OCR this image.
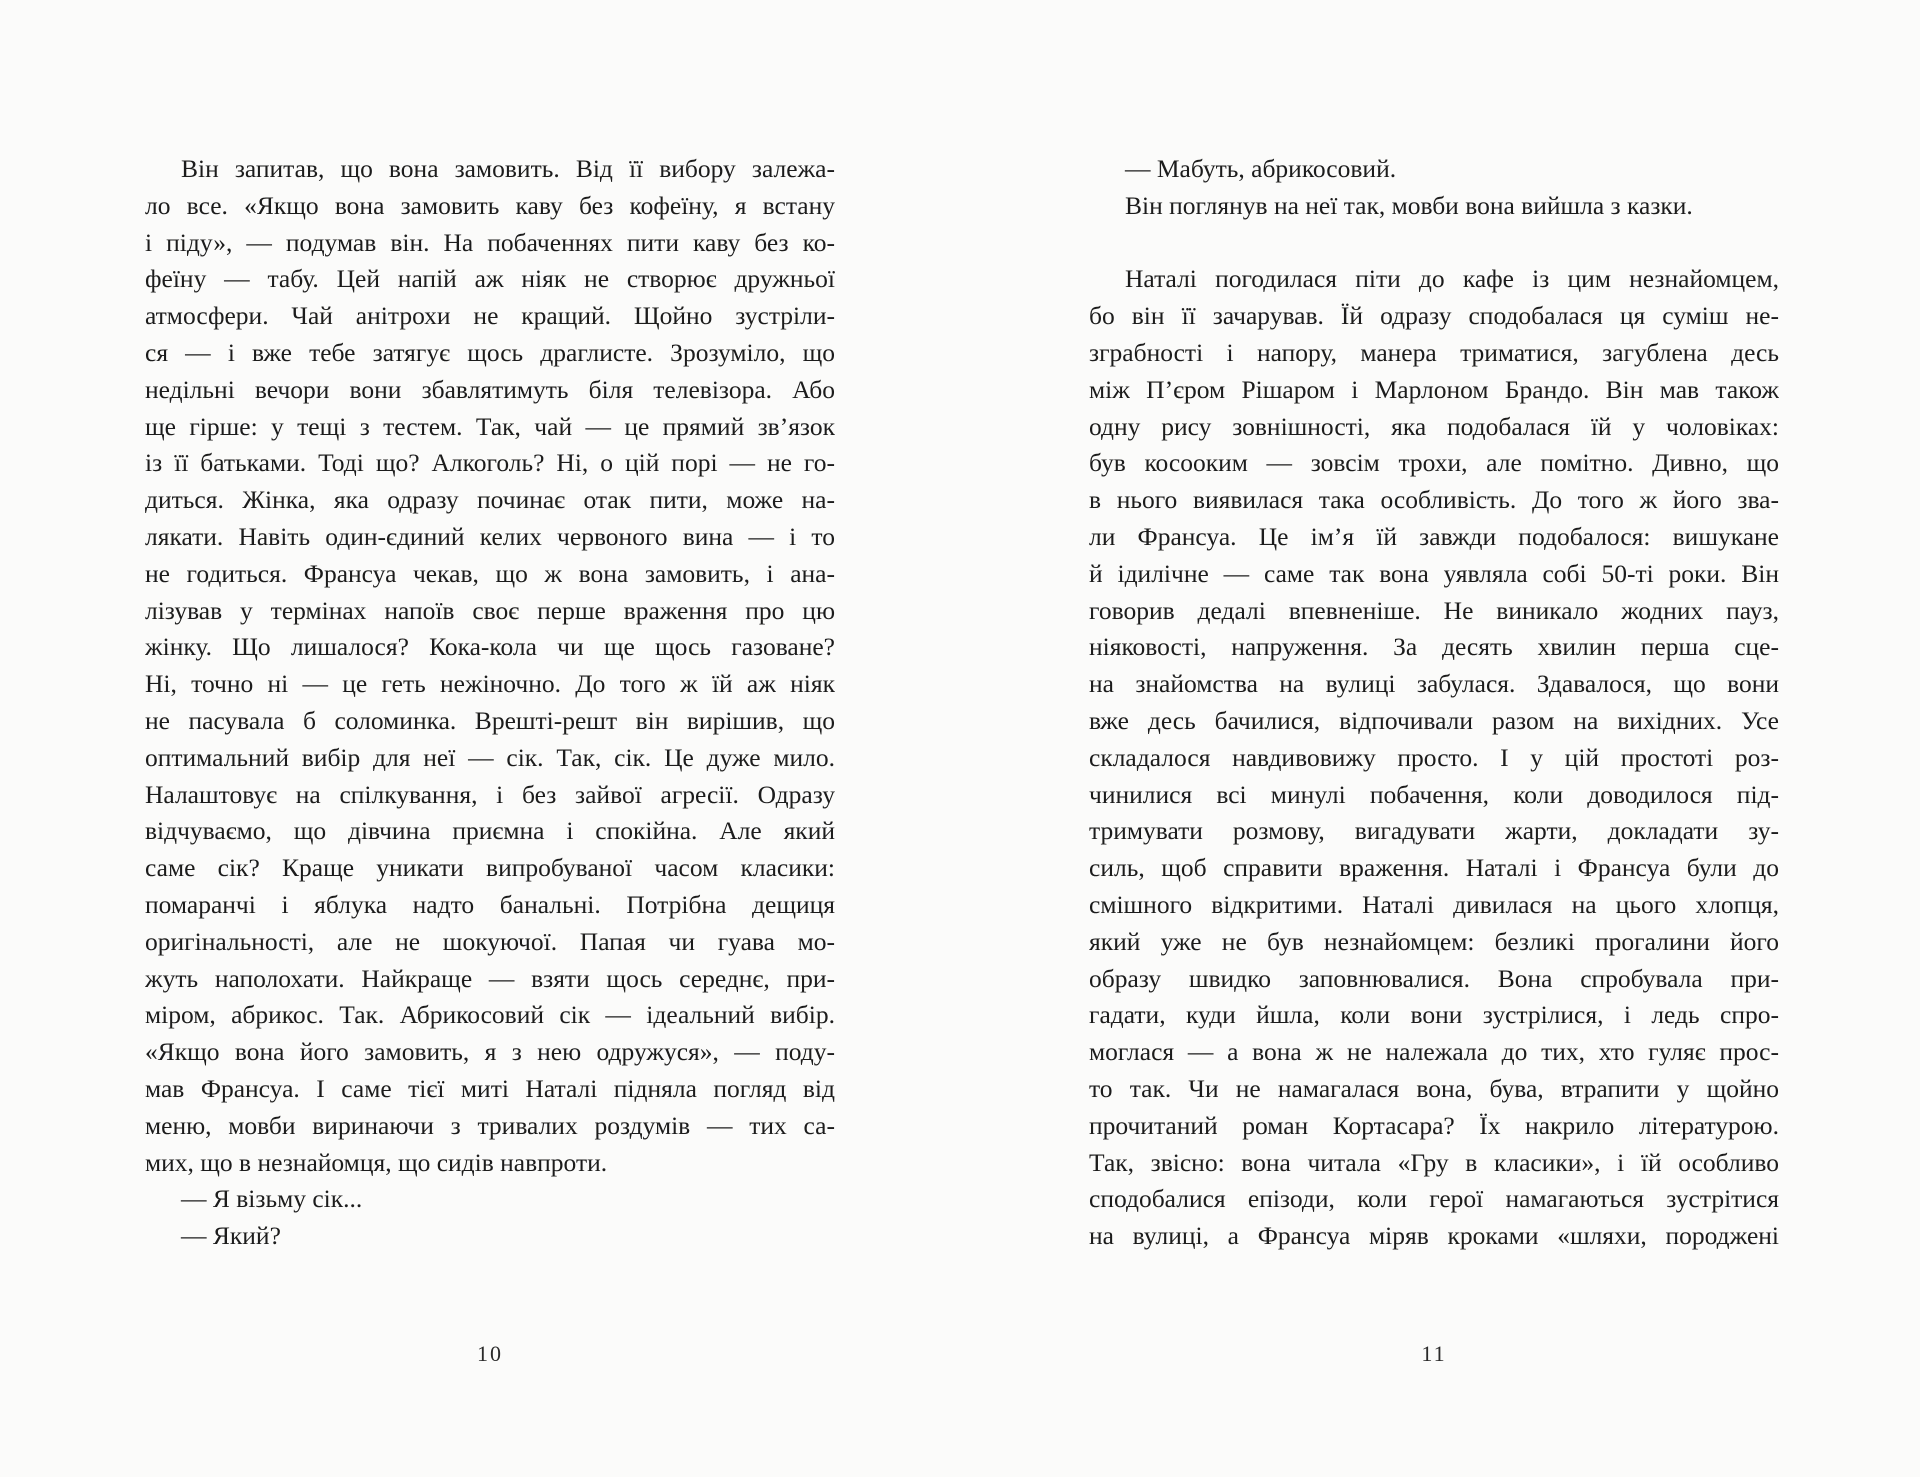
Він запитав, що вона замовить. Від її вибору залежа-
ло все. «Якщо вона замовить каву без кофеїну, я встану
і піду», — подумав він. На побаченнях пити каву без ко-
феїну — табу. Цей напій аж ніяк не створює дружньої
атмосфери. Чай анітрохи не кращий. Щойно зустріли-
ся — і вже тебе затягує щось драглисте. Зрозуміло, що
недільні вечори вони збавлятимуть біля телевізора. Або
ще гірше: у тещі з тестем. Так, чай — це прямий зв’язок
із її батьками. Тоді що? Алкоголь? Ні, о цій порі — не го-
диться. Жінка, яка одразу починає отак пити, може на-
лякати. Навіть один-єдиний келих червоного вина — і то
не годиться. Франсуа чекав, що ж вона замовить, і ана-
лізував у термінах напоїв своє перше враження про цю
жінку. Що лишалося? Кока-кола чи ще щось газоване?
Ні, точно ні — це геть нежіночно. До того ж їй аж ніяк
не пасувала б соломинка. Врешті-решт він вирішив, що
оптимальний вибір для неї — сік. Так, сік. Це дуже мило.
Налаштовує на спілкування, і без зайвої агресії. Одразу
відчуваємо, що дівчина приємна і спокійна. Але який
саме сік? Краще уникати випробуваної часом класики:
помаранчі і яблука надто банальні. Потрібна дещиця
оригінальності, але не шокуючої. Папая чи гуава мо-
жуть наполохати. Найкраще — взяти щось середнє, при-
міром, абрикос. Так. Абрикосовий сік — ідеальний вибір.
«Якщо вона його замовить, я з нею одружуся», — поду-
мав Франсуа. І саме тієї миті Наталі підняла погляд від
меню, мовби виринаючи з тривалих роздумів — тих са-
мих, що в незнайомця, що сидів навпроти.
— Я візьму сік...
— Який?
10
— Мабуть, абрикосовий.
Він поглянув на неї так, мовби вона вийшла з казки.

Наталі погодилася піти до кафе із цим незнайомцем,
бо він її зачарував. Їй одразу сподобалася ця суміш не-
зграбності і напору, манера триматися, загублена десь
між П’єром Рішаром і Марлоном Брандо. Він мав також
одну рису зовнішності, яка подобалася їй у чоловіках:
був косооким — зовсім трохи, але помітно. Дивно, що
в нього виявилася така особливість. До того ж його зва-
ли Франсуа. Це ім’я їй завжди подобалося: вишукане
й ідилічне — саме так вона уявляла собі 50-ті роки. Він
говорив дедалі впевненіше. Не виникало жодних пауз,
ніяковості, напруження. За десять хвилин перша сце-
на знайомства на вулиці забулася. Здавалося, що вони
вже десь бачилися, відпочивали разом на вихідних. Усе
складалося навдивовижу просто. І у цій простоті роз-
чинилися всі минулі побачення, коли доводилося під-
тримувати розмову, вигадувати жарти, докладати зу-
силь, щоб справити враження. Наталі і Франсуа були до
смішного відкритими. Наталі дивилася на цього хлопця,
який уже не був незнайомцем: безликі прогалини його
образу швидко заповнювалися. Вона спробувала при-
гадати, куди йшла, коли вони зустрілися, і ледь спро-
моглася — а вона ж не належала до тих, хто гуляє прос-
то так. Чи не намагалася вона, бува, втрапити у щойно
прочитаний роман Кортасара? Їх накрило літературою.
Так, звісно: вона читала «Гру в класики», і їй особливо
сподобалися епізоди, коли герої намагаються зустрітися
на вулиці, а Франсуа міряв кроками «шляхи, породжені
11
